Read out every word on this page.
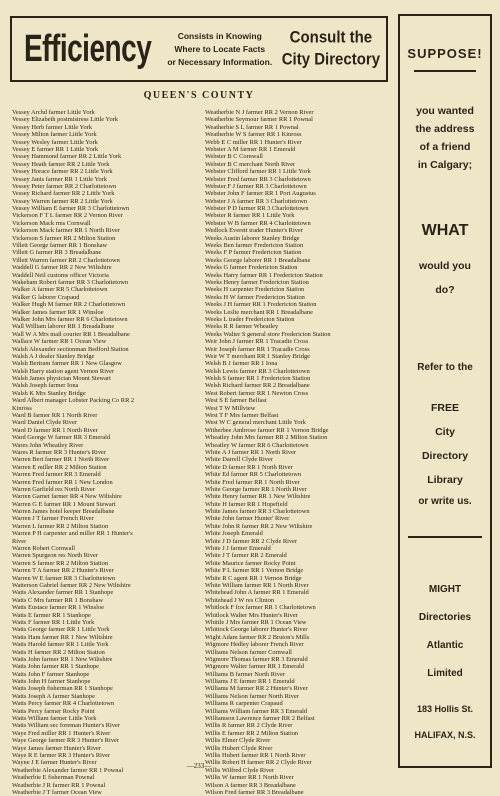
Efficiency	Consists in Knowing
Where to Locate Facts
or Necessary Information.
Consult the
City Directory
QUEEN'S COUNTY
Vessey Archd farmer Little York
Vessey Elizabeth postmistress Little York
Vessey Herb farmer Little York
Vessey Milton farmer Little York
Vessey Wesley farmer Little York
Vessey E farmer RR 1 Little York
Vessey Hammond farmer RR 2 Little York
Vessey Heath farmer RR 2 Little York
Vessey Horace farmer RR 2 Little York
Vessey Janis farmer RR 1 Little York
Vessey Peter farmer RR 2 Charlottetown
Vessey Richard farmer RR 2 Little York
Vessey Warren farmer RR 2 Little York
Vessey William E farmer RR 3 Charlottetown
Vickerson F T L farmer RR 2 Vernon River
Vickerson Mack rms Cornwall
Vickerson Mack farmer RR 1 North River
Vickerson S farmer RR 2 Milton Station
Villett George farmer RR 1 Bonshaw
Villett G farmer RR 3 Breadalbane
Villett Warren farmer RR 2 Charlottetown
Waddell G farmer RR 2 New Wiltshire
Waddell Neil customs officer Victoria
Wakeham Robert farmer RR 3 Charlottetown
Walker A farmer RR 5 Charlottetown
Walker G laborer Crapaud
Walker Hugh M farmer RR 2 Charlottetown
Walker James farmer RR 1 Winsloe
Walker John Mrs farmer RR 6 Charlottetown
Wall William laborer RR 1 Breadalbane
Wall W A Mrs mail courier RR 1 Breadalbane
Wallace W farmer RR 1 Ocean View
Walsh Alexander sectionman Bedford Station
Walsh A J dealer Stanley Bridge
Walsh Bertram farmer RR 1 New Glasgow
Walsh Harry station agent Vernon River
Walsh James physician Mount Stewart
Walsh Joseph farmer Iona
Walsh K Mrs Stanley Bridge
Ward Albert manager Lobster Packing Co RR 2
Kinross
Ward B farmer RR 1 North River
Ward Daniel Clyde River
Ward D farmer RR 1 North River
Ward George W farmer RR 3 Emerald
Wares John Wheatley River
Wares R farmer RR 3 Hunter's River
Warren Bert farmer RR 1 North River
Warren E miller RR 2 Milton Station
Warren Fred farmer RR 3 Emerald
Warren Fred farmer RR 1 New London
Warren Garfield res North River
Warren Garnet farmer RR 4 New Wiltshire
Warren G E farmer RR 1 Mount Stewart
Warren James hotel keeper Breadalbane
Warren J T farmer French River
Warren L farmer RR 2 Milton Station
Warren P H carpenter and miller RR 1 Hunter's
River
Warren Robert Cornwall
Warren Spurgeon res North River
Warren S farmer RR 2 Milton Station
Warren T A farmer RR 2 Hunter's River
Warren W E farmer RR 3 Charlottetown
Watterson Gabriel farmer RR 2 New Wiltshire
Watts Alexander farmer RR 1 Stanhope
Watts C Mrs farmer RR 1 Bonshaw
Watts Eustace farmer RR 1 Winsloe
Watts E farmer RR 1 Stanhope
Watts F farmer RR 1 Little York
Watts George farmer RR 1 Little York
Watts Ham farmer RR 1 New Wiltshire
Watts Harold farmer RR 1 Little York
Watts H farmer RR 2 Milton Station
Watts John farmer RR 1 New Wiltshire
Watts John farmer RR 1 Stanhope
Watts John F farmer Stanhope
Watts John H farmer Stanhope
Watts Joseph fisherman RR 1 Stanhope
Watts Joseph A farmer Stanhope
Watts Percy farmer RR 4 Charlottetown
Watts Percy farmer Rocky Point
Watts William farmer Little York
Watts William sec foreman Hunter's River
Waye Fred miller RR 1 Hunter's River
Waye George farmer RR 3 Hunter's River
Waye James farmer Hunter's River
Waye R E farmer RR 3 Hunter's River
Wayne J E farmer Hunter's River
Weatherbie Alexander farmer RR 1 Pownal
Weatherbie E fisherman Pownal
Weatherbie J R farmer RR 1 Pownal
Weatherbie J T farmer Ocean View
Weatherbie N J farmer RR 2 Vernon River
Weatherbie Seymour farmer RR 1 Pownal
Weatherbie S L farmer RR 1 Pownal
Weatherbie W S farmer RR 1 Kinross
Webb E C miller RR 1 Hunter's River
Webster A M farmer RR 1 Emerald
Webster B C Cornwall
Webster B C merchant North River
Webster Clifford farmer RR 1 Little York
Webster Fred farmer RR 3 Charlottetown
Webster F J farmer RR 3 Charlottetown
Webster John F farmer RR 1 Port Augustus
Webster J A farmer RR 3 Charlottetown
Webster P D farmer RR 3 Charlottetown
Webster R farmer RR 1 Little York
Webster W B farmer RR 4 Charlottetown
Wedlock Everett trader Hunter's River
Weeks Austin laborer Stanley Bridge
Weeks Ben farmer Fredericton Station
Weeks F P farmer Fredericton Station
Weeks George laborer RR 1 Breadalbane
Weeks G farmer Fredericton Station
Weeks Harry farmer RR 1 Fredericton Station
Weeks Henry farmer Fredericton Station
Weeks H carpenter Fredericton Station
Weeks H W farmer Fredericton Station
Weeks J H farmer RR 1 Fredericton Station
Weeks Leslie merchant RR 1 Breadalbane
Weeks L trader Fredericton Station
Weeks R R farmer Wheatley
Weeks Walter S general store Fredericton Station
Weir John J farmer RR 1 Tracadie Cross
Weir Joseph farmer RR 1 Tracadie Cross
Weir W T merchant RR 1 Stanley Bridge
Welsh B J farmer RR 1 Iona
Welsh Lewis farmer RR 3 Charlottetown
Welsh S farmer RR 1 Fredericton Station
Welsh Richard farmer RR 2 Breadalbane
West Robert farmer RR 1 Newton Cross
West S E farmer Belfast
West T W Millview
West T F Mrs farmer Belfast
West W C general merchant Little York
Witherbee Ambrose farmer RR 1 Vernon Bridge
Wheatley John Mrs farmer RR 2 Milton Station
Wheatley W farmer RR 6 Charlottetown
White A J farmer RR 1 North River
White Darrell Clyde River
White D farmer RR 1 North River
White Ed farmer RR 5 Charlottetown
White Fred farmer RR 1 North River
White George farmer RR 1 North River
White Henry farmer RR 1 New Wiltshire
White H farmer RR 1 Hopefield
White James farmer RR 3 Charlottetown
White John farmer Hunter' River
White John R farmer RR 2 New Wiltshire
White Joseph Emerald
White J D farmer RR 2 Clyde River
White J J farmer Emerald
White J T farmer RR 2 Emerald
White Maurice farmer Rocky Point
White P L farmer RR 1 Vernon Bridge
White R C agent RR 1 Vernon Bridge
White William farmer RR 1 North River
Whitehead John A farmer RR 1 Emerald
Whitehead J W res Clinton
Whitlock F fox farmer RR 1 Charlottetown
Whitlock Walter Mrs Hunter's River
Whittle J Mrs farmer RR 1 Ocean View
Whittock George laborer Hunter's River
Wight Adam farmer RR 2 Bruton's Mills
Wigmore Hedley laborer French River
Williams Nelson farmer Cornwall
Wigmore Thomas farmer RR 3 Emerald
Wigmore Walter farmer RR 1 Emerald
Williams B farmer North River
Williams J E farmer RR 1 Emerald
Williams M farmer RR 2 Hunter's River
Williams Nelson farmer North River
Williams R carpenter Crapaud
Williams William farmer RR 3 Emerald
Williamson Lawrence farmer RR 2 Belfast
Willis R farmer RR 2 Clyde River
Willis E farmer RR 2 Milton Station
Willis Elmer Clyde River
Willis Hubert Clyde River
Willis Hubert farmer RR 1 North River
Willis Robert H farmer RR 2 Clyde River
Willis Wilfred Clyde River
Willis W farmer RR 1 North River
Wilson A farmer RR 3 Breadalbane
Wilson Fred farmer RR 3 Breadalbane
—233—
SUPPOSE!
you wanted
the address
of a friend
in Calgary;
WHAT
would you
do?
Refer to the
FREE
City
Directory
Library
or write us.
MIGHT
Directories
Atlantic
Limited
183 Hollis St.
HALIFAX, N.S.
